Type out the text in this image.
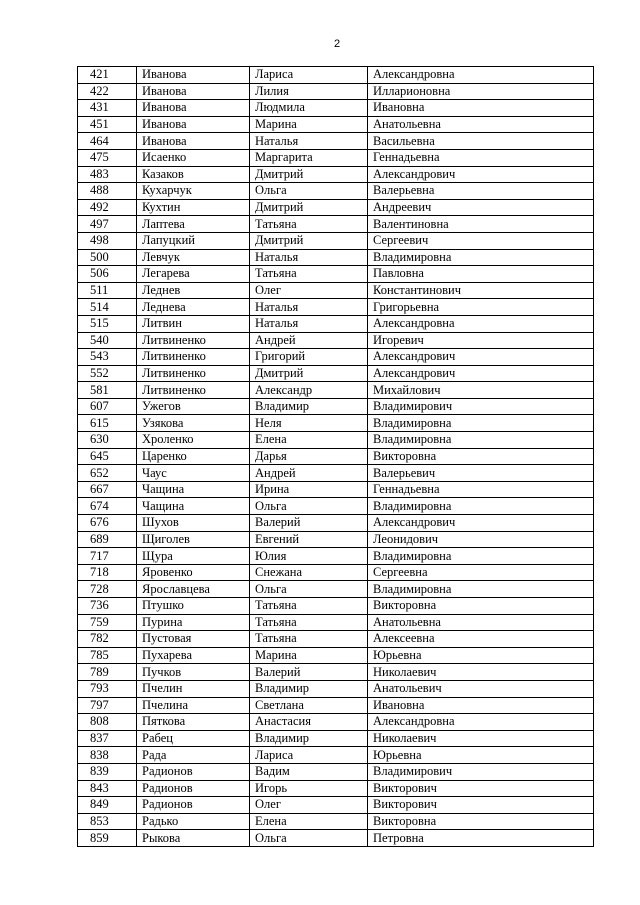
2
421	Иванова	Лариса	Александровна
422	Иванова	Лилия	Илларионовна
431	Иванова	Людмила	Ивановна
451	Иванова	Марина	Анатольевна
464	Иванова	Наталья	Васильевна
475	Исаенко	Маргарита	Геннадьевна
483	Казаков	Дмитрий	Александрович
488	Кухарчук	Ольга	Валерьевна
492	Кухтин	Дмитрий	Андреевич
497	Лаптева	Татьяна	Валентиновна
498	Лапуцкий	Дмитрий	Сергеевич
500	Левчук	Наталья	Владимировна
506	Легарева	Татьяна	Павловна
511	Леднев	Олег	Константинович
514	Леднева	Наталья	Григорьевна
515	Литвин	Наталья	Александровна
540	Литвиненко	Андрей	Игоревич
543	Литвиненко	Григорий	Александрович
552	Литвиненко	Дмитрий	Александрович
581	Литвиненко	Александр	Михайлович
607	Ужегов	Владимир	Владимирович
615	Узякова	Неля	Владимировна
630	Хроленко	Елена	Владимировна
645	Царенко	Дарья	Викторовна
652	Чаус	Андрей	Валерьевич
667	Чащина	Ирина	Геннадьевна
674	Чащина	Ольга	Владимировна
676	Шухов	Валерий	Александрович
689	Щиголев	Евгений	Леонидович
717	Щура	Юлия	Владимировна
718	Яровенко	Снежана	Сергеевна
728	Ярославцева	Ольга	Владимировна
736	Птушко	Татьяна	Викторовна
759	Пурина	Татьяна	Анатольевна
782	Пустовая	Татьяна	Алексеевна
785	Пухарева	Марина	Юрьевна
789	Пучков	Валерий	Николаевич
793	Пчелин	Владимир	Анатольевич
797	Пчелина	Светлана	Ивановна
808	Пяткова	Анастасия	Александровна
837	Рабец	Владимир	Николаевич
838	Рада	Лариса	Юрьевна
839	Радионов	Вадим	Владимирович
843	Радионов	Игорь	Викторович
849	Радионов	Олег	Викторович
853	Радько	Елена	Викторовна
859	Рыкова	Ольга	Петровна
